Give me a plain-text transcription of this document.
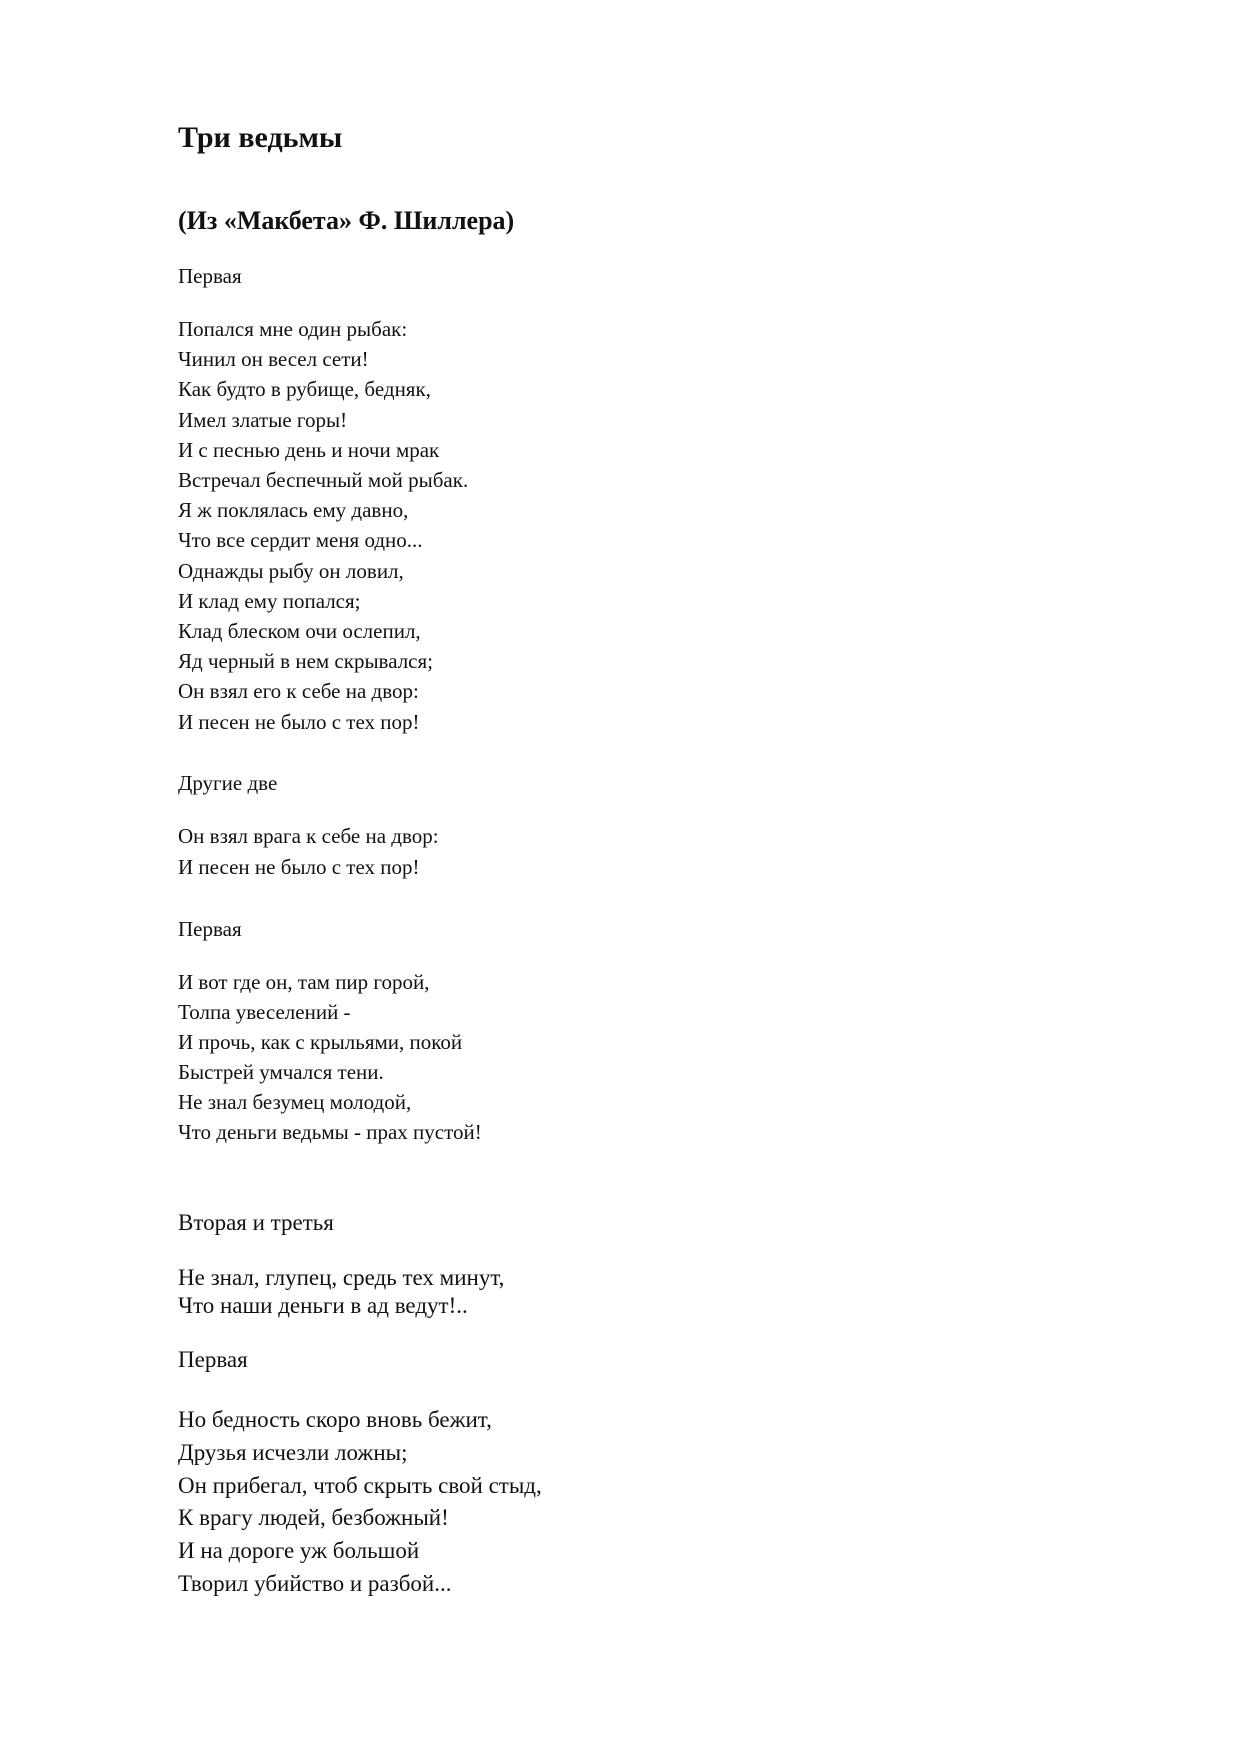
Три ведьмы
(Из «Макбета» Ф. Шиллера)
Первая
Попался мне один рыбак:
Чинил он весел сети!
Как будто в рубище, бедняк,
Имел златые горы!
И с песнью день и ночи мрак
Встречал беспечный мой рыбак.
Я ж поклялась ему давно,
Что все сердит меня одно...
Однажды рыбу он ловил,
И клад ему попался;
Клад блеском очи ослепил,
Яд черный в нем скрывался;
Он взял его к себе на двор:
И песен не было с тех пор!
Другие две
Он взял врага к себе на двор:
И песен не было с тех пор!
Первая
И вот где он, там пир горой,
Толпа увеселений -
И прочь, как с крыльями, покой
Быстрей умчался тени.
Не знал безумец молодой,
Что деньги ведьмы - прах пустой!
Вторая и третья
Не знал, глупец, средь тех минут,
Что наши деньги в ад ведут!..
Первая
Но бедность скоро вновь бежит,
Друзья исчезли ложны;
Он прибегал, чтоб скрыть свой стыд,
К врагу людей, безбожный!
И на дороге уж большой
Творил убийство и разбой...
